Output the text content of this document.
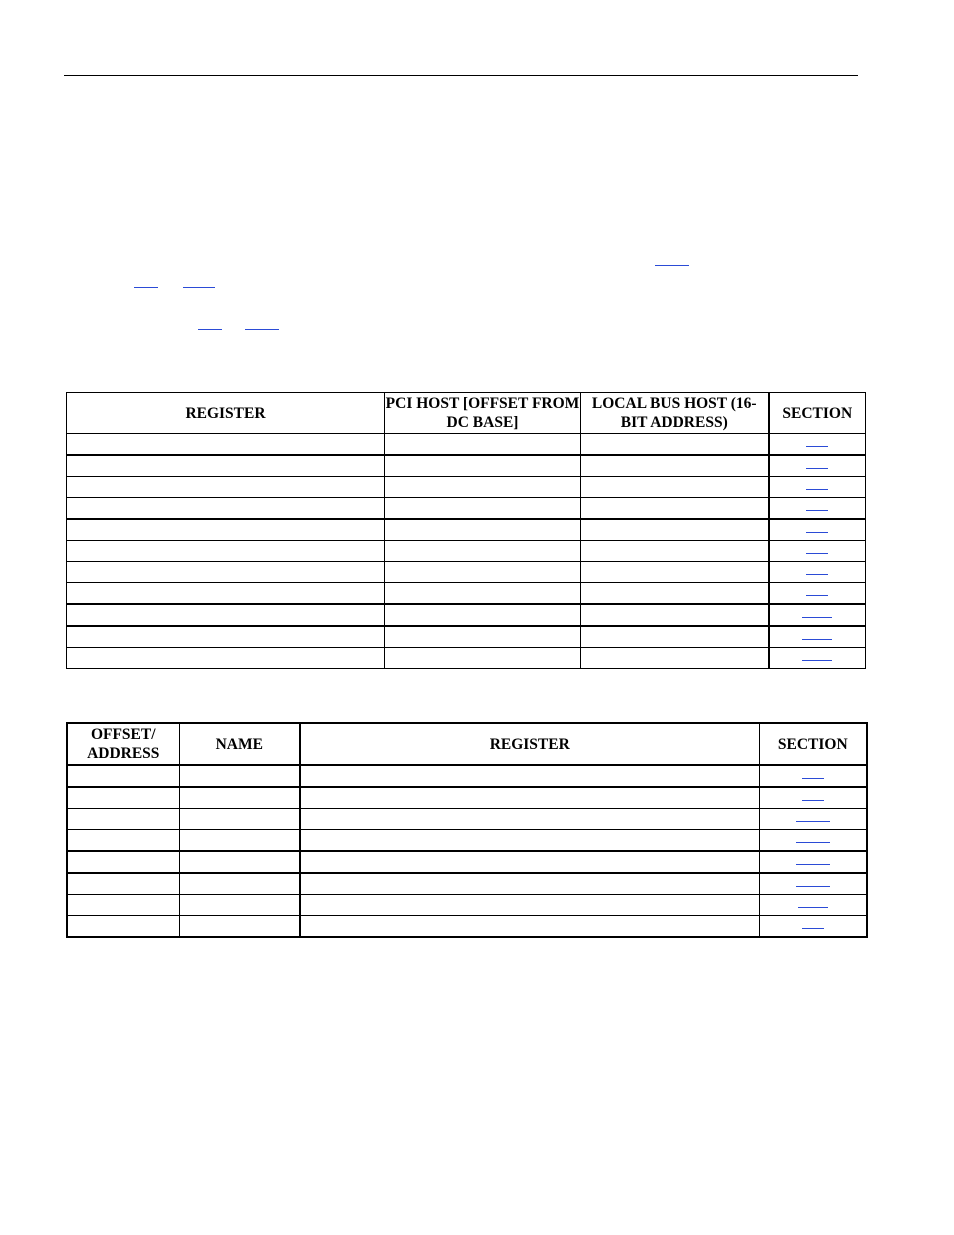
REGISTER	PCI HOST [OFFSET FROM DC BASE]	LOCAL BUS HOST (16-BIT ADDRESS)	SECTION

OFFSET/ ADDRESS	NAME	REGISTER	SECTION
